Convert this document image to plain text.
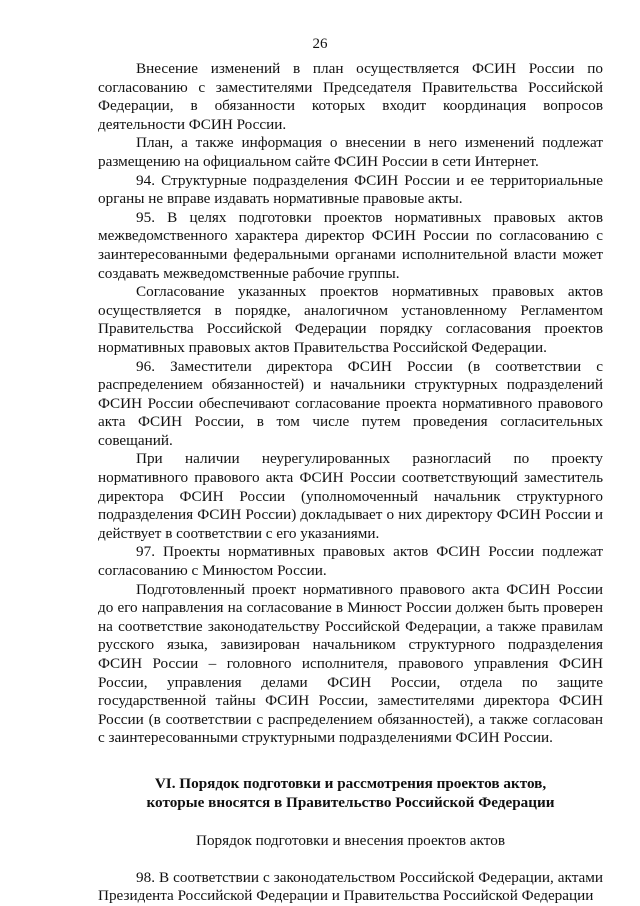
26

Внесение изменений в план осуществляется ФСИН России по согласованию с заместителями Председателя Правительства Российской Федерации, в обязанности которых входит координация вопросов деятельности ФСИН России.

План, а также информация о внесении в него изменений подлежат размещению на официальном сайте ФСИН России в сети Интернет.

94. Структурные подразделения ФСИН России и ее территориальные органы не вправе издавать нормативные правовые акты.

95. В целях подготовки проектов нормативных правовых актов межведомственного характера директор ФСИН России по согласованию с заинтересованными федеральными органами исполнительной власти может создавать межведомственные рабочие группы.

Согласование указанных проектов нормативных правовых актов осуществляется в порядке, аналогичном установленному Регламентом Правительства Российской Федерации порядку согласования проектов нормативных правовых актов Правительства Российской Федерации.

96. Заместители директора ФСИН России (в соответствии с распределением обязанностей) и начальники структурных подразделений ФСИН России обеспечивают согласование проекта нормативного правового акта ФСИН России, в том числе путем проведения согласительных совещаний.

При наличии неурегулированных разногласий по проекту нормативного правового акта ФСИН России соответствующий заместитель директора ФСИН России (уполномоченный начальник структурного подразделения ФСИН России) докладывает о них директору ФСИН России и действует в соответствии с его указаниями.

97. Проекты нормативных правовых актов ФСИН России подлежат согласованию с Минюстом России.

Подготовленный проект нормативного правового акта ФСИН России до его направления на согласование в Минюст России должен быть проверен на соответствие законодательству Российской Федерации, а также правилам русского языка, завизирован начальником структурного подразделения ФСИН России – головного исполнителя, правового управления ФСИН России, управления делами ФСИН России, отдела по защите государственной тайны ФСИН России, заместителями директора ФСИН России (в соответствии с распределением обязанностей), а также согласован с заинтересованными структурными подразделениями ФСИН России.

VI. Порядок подготовки и рассмотрения проектов актов,
которые вносятся в Правительство Российской Федерации

Порядок подготовки и внесения проектов актов

98. В соответствии с законодательством Российской Федерации, актами Президента Российской Федерации и Правительства Российской Федерации
